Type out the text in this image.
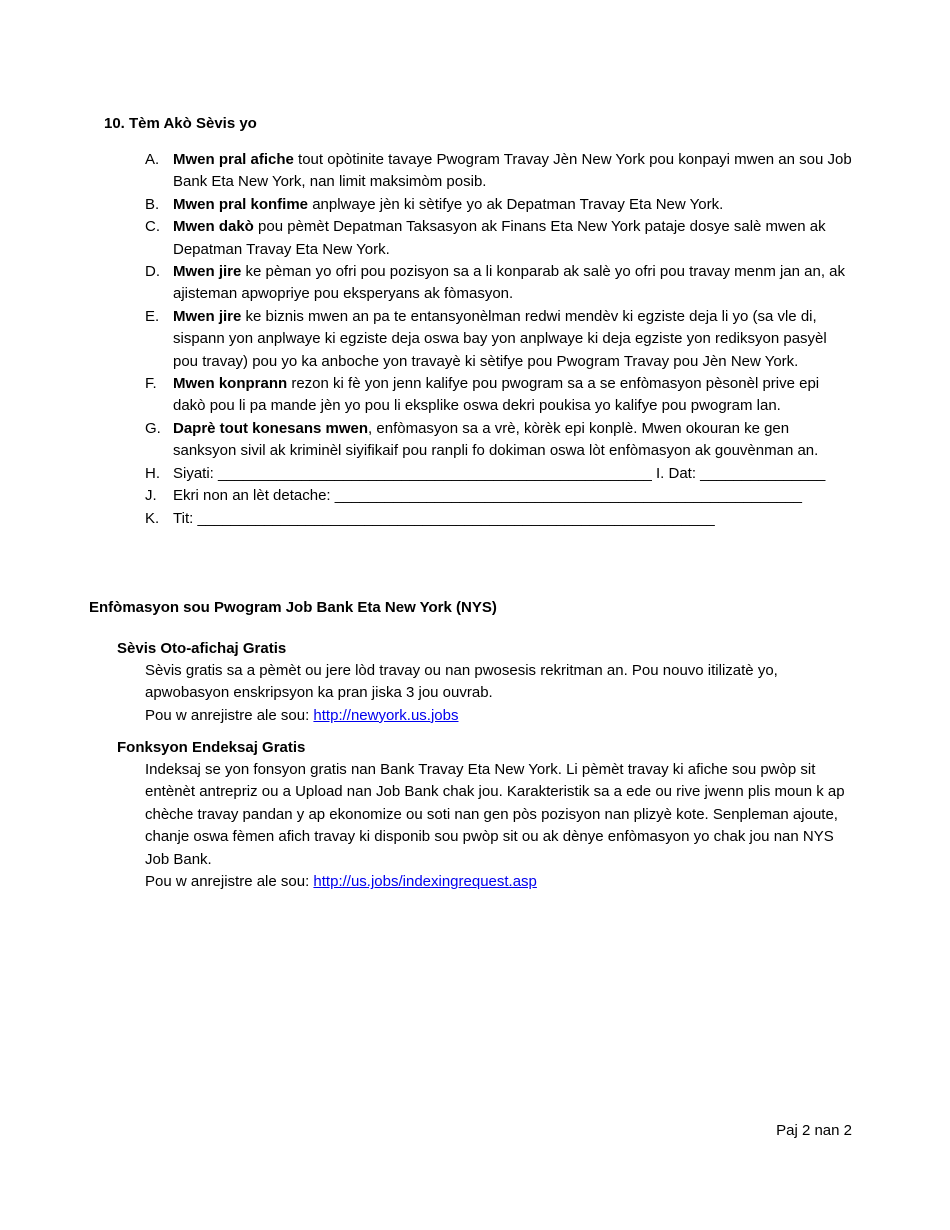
10. Tèm Akò Sèvis yo
A. Mwen pral afiche tout opòtinite tavaye Pwogram Travay Jèn New York pou konpayi mwen an sou Job Bank Eta New York, nan limit maksimòm posib.
B. Mwen pral konfime anplwaye jèn ki sètifye yo ak Depatman Travay Eta New York.
C. Mwen dakò pou pèmèt Depatman Taksasyon ak Finans Eta New York pataje dosye salè mwen ak Depatman Travay Eta New York.
D. Mwen jire ke pèman yo ofri pou pozisyon sa a li konparab ak salè yo ofri pou travay menm jan an, ak ajisteman apwopriye pou eksperyans ak fòmasyon.
E. Mwen jire ke biznis mwen an pa te entansyonèlman redwi mendèv ki egziste deja li yo (sa vle di, sispann yon anplwaye ki egziste deja oswa bay yon anplwaye ki deja egziste yon rediksyon pasyèl pou travay) pou yo ka anboche yon travayè ki sètifye pou Pwogram Travay pou Jèn New York.
F.	Mwen konprann rezon ki fè yon jenn kalifye pou pwogram sa a se enfòmasyon pèsonèl prive epi dakò pou li pa mande jèn yo pou li eksplike oswa dekri poukisa yo kalifye pou pwogram lan.
G. Daprè tout konesans mwen, enfòmasyon sa a vrè, kòrèk epi konplè. Mwen okouran ke gen sanksyon sivil ak kriminèl siyifikaif pou ranpli fo dokiman oswa lòt enfòmasyon ak gouvènman an.
H. Siyati: ____________________________________________________ I. Dat: _______________
J.	Ekri non an lèt detache: ________________________________________________________
K. Tit: ______________________________________________________________
Enfòmasyon sou Pwogram Job Bank Eta New York (NYS)
Sèvis Oto-afichaj Gratis

Sèvis gratis sa a pèmèt ou jere lòd travay ou nan pwosesis rekritman an. Pou nouvo itilizatè yo, apwobasyon enskripsyon ka pran jiska 3 jou ouvrab.
Pou w anrejistre ale sou: http://newyork.us.jobs

Fonksyon Endeksaj Gratis

Indeksaj se yon fonsyon gratis nan Bank Travay Eta New York. Li pèmèt travay ki afiche sou pwòp sit entènèt antrepriz ou a Upload nan Job Bank chak jou. Karakteristik sa a ede ou rive jwenn plis moun k ap chèche travay pandan y ap ekonomize ou soti nan gen pòs pozisyon nan plizyè kote. Senpleman ajoute, chanje oswa fèmen afich travay ki disponib sou pwòp sit ou ak dènye enfòmasyon yo chak jou nan NYS Job Bank.
Pou w anrejistre ale sou: http://us.jobs/indexingrequest.asp

Paj 2 nan 2
